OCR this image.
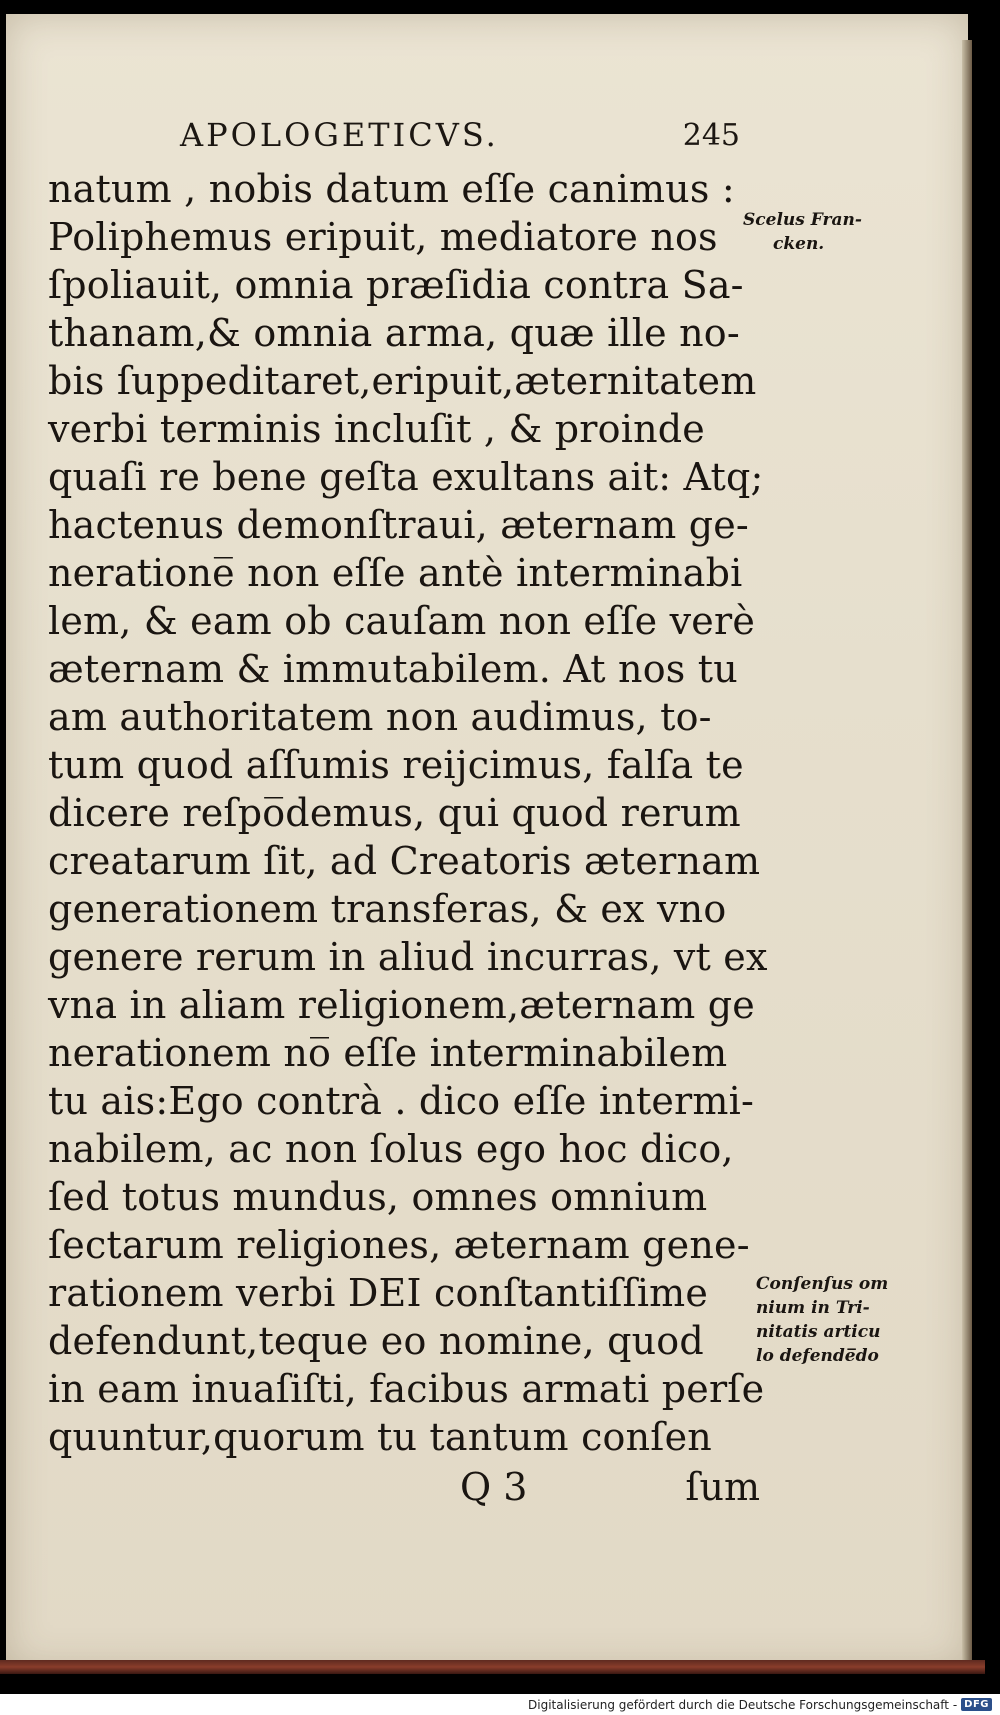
APOLOGETICVS.	245
natum , nobis datum eſſe canimus :
Poliphemus eripuit, mediatore nos
ſpoliauit, omnia præſidia contra Sa-
thanam,& omnia arma, quæ ille no-
bis ſuppeditaret,eripuit,æternitatem
verbi terminis incluſit , & proinde
quaſi re bene geſta exultans ait: Atq;
hactenus demonſtraui, æternam ge-
neratione̅ non eſſe antè interminabi
lem, & eam ob cauſam non eſſe verè
æternam & immutabilem. At nos tu
am authoritatem non audimus, to-
tum quod aſſumis reijcimus, falſa te
dicere reſpo̅demus, qui quod rerum
creatarum ſit, ad Creatoris æternam
generationem transferas, & ex vno
genere rerum in aliud incurras, vt ex
vna in aliam religionem,æternam ge
nerationem no̅ eſſe interminabilem
tu ais:Ego contrà . dico eſſe intermi-
nabilem, ac non ſolus ego hoc dico,
ſed totus mundus, omnes omnium
ſectarum religiones, æternam gene-
rationem verbi DEI conſtantiſſime
defendunt,teque eo nomine, quod
in eam inuaſiſti, facibus armati perſe
quuntur,quorum tu tantum conſen
Scelus Fran-
cken.
Conſenſus om
nium in Tri-
nitatis articu
lo defende̅do
Q 3	ſum
Digitalisierung gefördert durch die Deutsche Forschungsgemeinschaft - DFG
